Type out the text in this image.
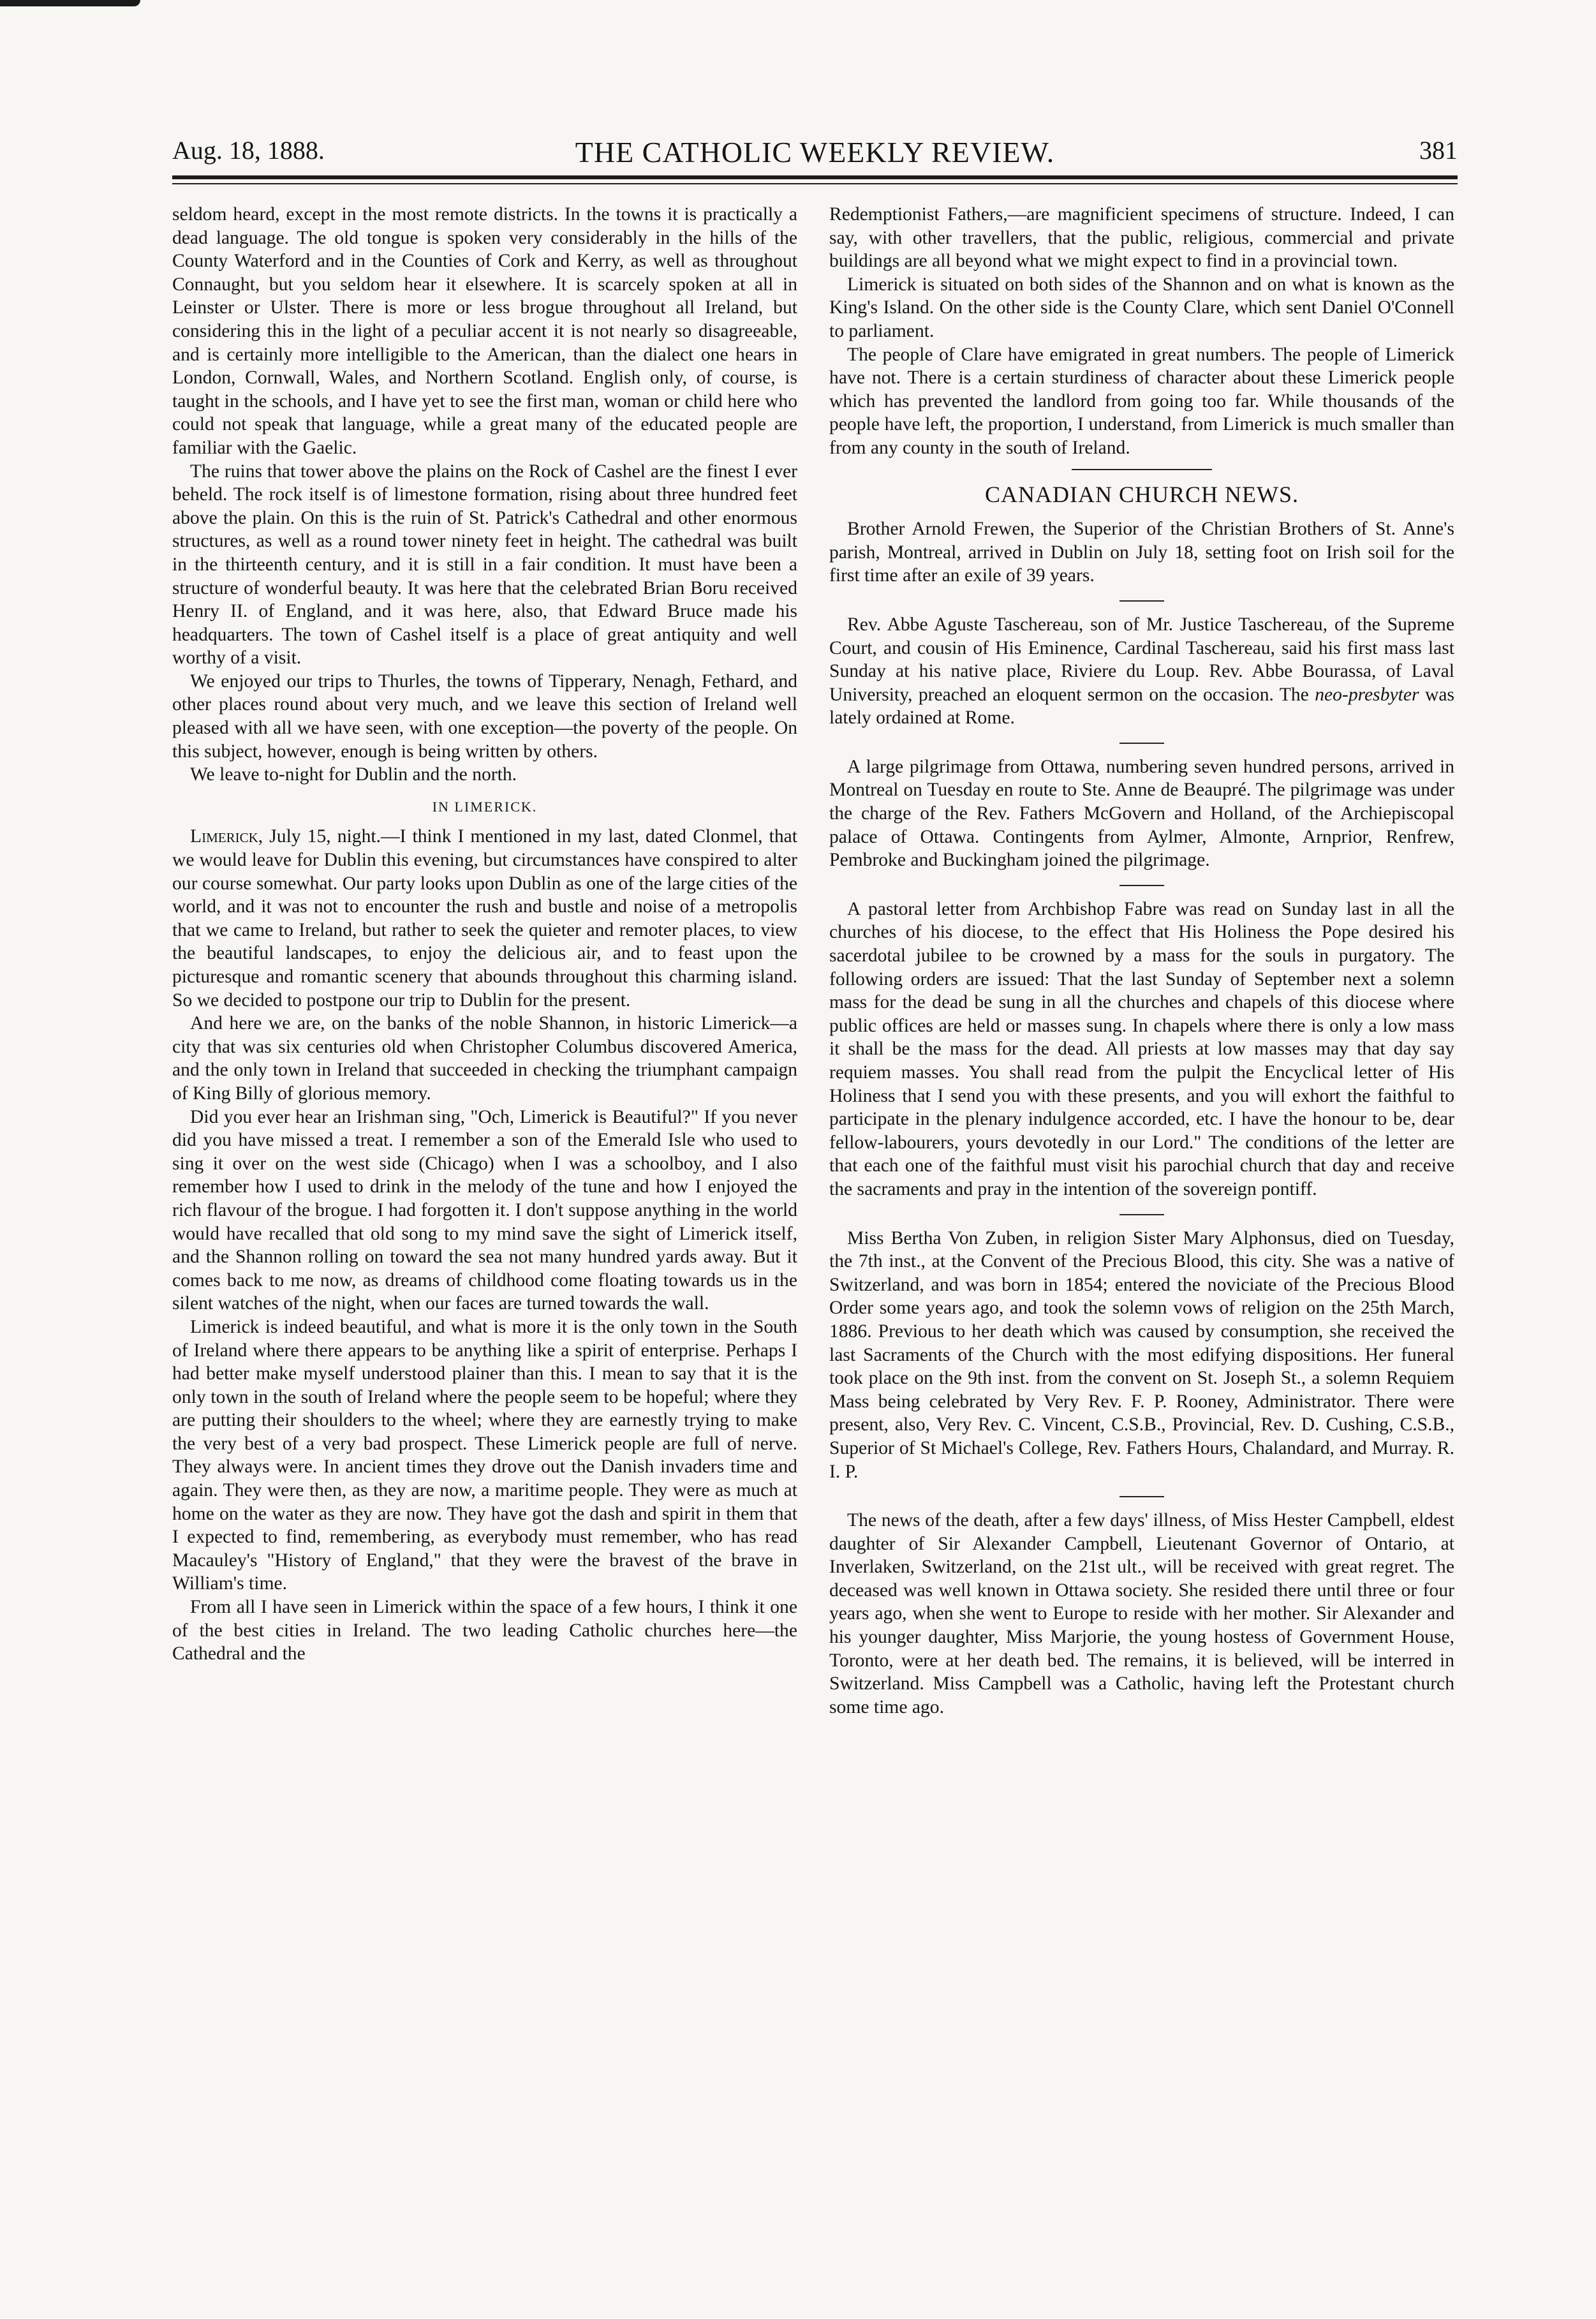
Aug. 18, 1888.	THE CATHOLIC WEEKLY REVIEW.	381

seldom heard, except in the most remote districts. In the towns it is practically a dead language. The old tongue is spoken very considerably in the hills of the County Waterford and in the Counties of Cork and Kerry, as well as throughout Connaught, but you seldom hear it elsewhere. It is scarcely spoken at all in Leinster or Ulster. There is more or less brogue throughout all Ireland, but considering this in the light of a peculiar accent it is not nearly so disagreeable, and is certainly more intelligible to the American, than the dialect one hears in London, Cornwall, Wales, and Northern Scotland. English only, of course, is taught in the schools, and I have yet to see the first man, woman or child here who could not speak that language, while a great many of the educated people are familiar with the Gaelic.

The ruins that tower above the plains on the Rock of Cashel are the finest I ever beheld. The rock itself is of limestone formation, rising about three hundred feet above the plain. On this is the ruin of St. Patrick's Cathedral and other enormous structures, as well as a round tower ninety feet in height. The cathedral was built in the thirteenth century, and it is still in a fair condition. It must have been a structure of wonderful beauty. It was here that the celebrated Brian Boru received Henry II. of England, and it was here, also, that Edward Bruce made his headquarters. The town of Cashel itself is a place of great antiquity and well worthy of a visit.

We enjoyed our trips to Thurles, the towns of Tipperary, Nenagh, Fethard, and other places round about very much, and we leave this section of Ireland well pleased with all we have seen, with one exception—the poverty of the people. On this subject, however, enough is being written by others.

We leave to-night for Dublin and the north.

IN LIMERICK.

Limerick, July 15, night.—I think I mentioned in my last, dated Clonmel, that we would leave for Dublin this evening, but circumstances have conspired to alter our course somewhat. Our party looks upon Dublin as one of the large cities of the world, and it was not to encounter the rush and bustle and noise of a metropolis that we came to Ireland, but rather to seek the quieter and remoter places, to view the beautiful landscapes, to enjoy the delicious air, and to feast upon the picturesque and romantic scenery that abounds throughout this charming island. So we decided to postpone our trip to Dublin for the present.

And here we are, on the banks of the noble Shannon, in historic Limerick—a city that was six centuries old when Christopher Columbus discovered America, and the only town in Ireland that succeeded in checking the triumphant campaign of King Billy of glorious memory.

Did you ever hear an Irishman sing, "Och, Limerick is Beautiful?" If you never did you have missed a treat. I remember a son of the Emerald Isle who used to sing it over on the west side (Chicago) when I was a schoolboy, and I also remember how I used to drink in the melody of the tune and how I enjoyed the rich flavour of the brogue. I had forgotten it. I don't suppose anything in the world would have recalled that old song to my mind save the sight of Limerick itself, and the Shannon rolling on toward the sea not many hundred yards away. But it comes back to me now, as dreams of childhood come floating towards us in the silent watches of the night, when our faces are turned towards the wall.

Limerick is indeed beautiful, and what is more it is the only town in the South of Ireland where there appears to be anything like a spirit of enterprise. Perhaps I had better make myself understood plainer than this. I mean to say that it is the only town in the south of Ireland where the people seem to be hopeful; where they are putting their shoulders to the wheel; where they are earnestly trying to make the very best of a very bad prospect. These Limerick people are full of nerve. They always were. In ancient times they drove out the Danish invaders time and again. They were then, as they are now, a maritime people. They were as much at home on the water as they are now. They have got the dash and spirit in them that I expected to find, remembering, as everybody must remember, who has read Macauley's "History of England," that they were the bravest of the brave in William's time.

From all I have seen in Limerick within the space of a few hours, I think it one of the best cities in Ireland. The two leading Catholic churches here—the Cathedral and the

Redemptionist Fathers,—are magnificient specimens of structure. Indeed, I can say, with other travellers, that the public, religious, commercial and private buildings are all beyond what we might expect to find in a provincial town.

Limerick is situated on both sides of the Shannon and on what is known as the King's Island. On the other side is the County Clare, which sent Daniel O'Connell to parliament.

The people of Clare have emigrated in great numbers. The people of Limerick have not. There is a certain sturdiness of character about these Limerick people which has prevented the landlord from going too far. While thousands of the people have left, the proportion, I understand, from Limerick is much smaller than from any county in the south of Ireland.

CANADIAN CHURCH NEWS.

Brother Arnold Frewen, the Superior of the Christian Brothers of St. Anne's parish, Montreal, arrived in Dublin on July 18, setting foot on Irish soil for the first time after an exile of 39 years.

Rev. Abbe Aguste Taschereau, son of Mr. Justice Taschereau, of the Supreme Court, and cousin of His Eminence, Cardinal Taschereau, said his first mass last Sunday at his native place, Riviere du Loup. Rev. Abbe Bourassa, of Laval University, preached an eloquent sermon on the occasion. The neo-presbyter was lately ordained at Rome.

A large pilgrimage from Ottawa, numbering seven hundred persons, arrived in Montreal on Tuesday en route to Ste. Anne de Beaupré. The pilgrimage was under the charge of the Rev. Fathers McGovern and Holland, of the Archiepiscopal palace of Ottawa. Contingents from Aylmer, Almonte, Arnprior, Renfrew, Pembroke and Buckingham joined the pilgrimage.

A pastoral letter from Archbishop Fabre was read on Sunday last in all the churches of his diocese, to the effect that His Holiness the Pope desired his sacerdotal jubilee to be crowned by a mass for the souls in purgatory. The following orders are issued: That the last Sunday of September next a solemn mass for the dead be sung in all the churches and chapels of this diocese where public offices are held or masses sung. In chapels where there is only a low mass it shall be the mass for the dead. All priests at low masses may that day say requiem masses. You shall read from the pulpit the Encyclical letter of His Holiness that I send you with these presents, and you will exhort the faithful to participate in the plenary indulgence accorded, etc. I have the honour to be, dear fellow-labourers, yours devotedly in our Lord." The conditions of the letter are that each one of the faithful must visit his parochial church that day and receive the sacraments and pray in the intention of the sovereign pontiff.

Miss Bertha Von Zuben, in religion Sister Mary Alphonsus, died on Tuesday, the 7th inst., at the Convent of the Precious Blood, this city. She was a native of Switzerland, and was born in 1854; entered the noviciate of the Precious Blood Order some years ago, and took the solemn vows of religion on the 25th March, 1886. Previous to her death which was caused by consumption, she received the last Sacraments of the Church with the most edifying dispositions. Her funeral took place on the 9th inst. from the convent on St. Joseph St., a solemn Requiem Mass being celebrated by Very Rev. F. P. Rooney, Administrator. There were present, also, Very Rev. C. Vincent, C.S.B., Provincial, Rev. D. Cushing, C.S.B., Superior of St Michael's College, Rev. Fathers Hours, Chalandard, and Murray. R. I. P.

The news of the death, after a few days' illness, of Miss Hester Campbell, eldest daughter of Sir Alexander Campbell, Lieutenant Governor of Ontario, at Inverlaken, Switzerland, on the 21st ult., will be received with great regret. The deceased was well known in Ottawa society. She resided there until three or four years ago, when she went to Europe to reside with her mother. Sir Alexander and his younger daughter, Miss Marjorie, the young hostess of Government House, Toronto, were at her death bed. The remains, it is believed, will be interred in Switzerland. Miss Campbell was a Catholic, having left the Protestant church some time ago.
